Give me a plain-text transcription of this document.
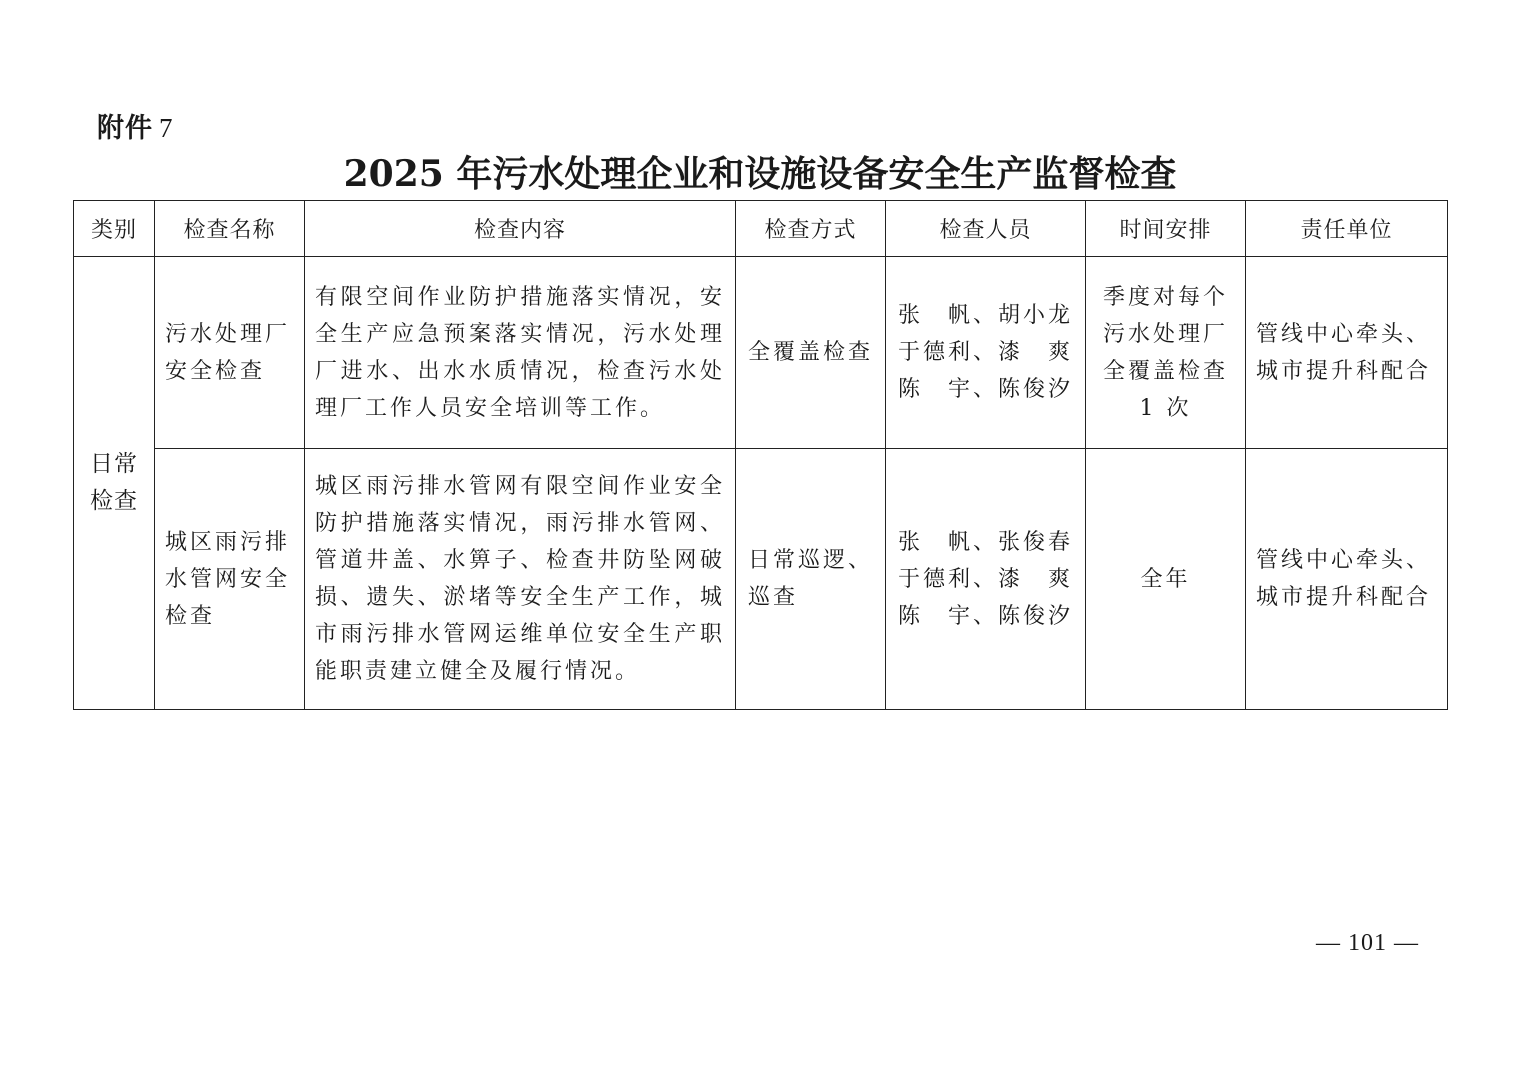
附件 7
2025 年污水处理企业和设施设备安全生产监督检查
类别	检查名称	检查内容	检查方式	检查人员	时间安排	责任单位

日常检查	污水处理厂安全检查	有限空间作业防护措施落实情况，安全生产应急预案落实情况，污水处理厂进水、出水水质情况，检查污水处理厂工作人员安全培训等工作。	全覆盖检查	张　帆、胡小龙
于德利、漆　爽
陈　宇、陈俊汐	季度对每个污水处理厂全覆盖检查 1 次	管线中心牵头、城市提升科配合

	城区雨污排水管网安全检查	城区雨污排水管网有限空间作业安全防护措施落实情况，雨污排水管网、管道井盖、水箅子、检查井防坠网破损、遗失、淤堵等安全生产工作，城市雨污排水管网运维单位安全生产职能职责建立健全及履行情况。	日常巡逻、巡查	张　帆、张俊春
于德利、漆　爽
陈　宇、陈俊汐	全年	管线中心牵头、城市提升科配合
— 101 —
